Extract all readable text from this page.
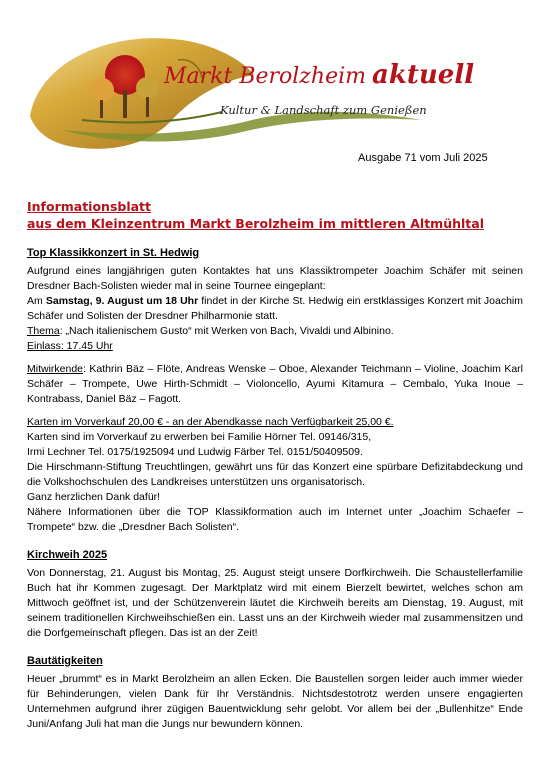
Markt Berolzheim aktuell
Kultur & Landschaft zum Genießen
Ausgabe 71 vom Juli 2025
Informationsblatt
aus dem Kleinzentrum Markt Berolzheim im mittleren Altmühltal
Top Klassikkonzert in St. Hedwig

Aufgrund eines langjährigen guten Kontaktes hat uns Klassiktrompeter Joachim Schäfer mit seinen Dresdner Bach-Solisten wieder mal in seine Tournee eingeplant:

Am Samstag, 9. August um 18 Uhr findet in der Kirche St. Hedwig ein erstklassiges Konzert mit Joachim Schäfer und Solisten der Dresdner Philharmonie statt.

Thema: „Nach italienischem Gusto“ mit Werken von Bach, Vivaldi und Albinino.

Einlass: 17.45 Uhr

Mitwirkende: Kathrin Bäz – Flöte, Andreas Wenske – Oboe, Alexander Teichmann – Violine, Joachim Karl Schäfer – Trompete, Uwe Hirth-Schmidt – Violoncello, Ayumi Kitamura – Cembalo, Yuka Inoue – Kontrabass, Daniel Bäz – Fagott.

Karten im Vorverkauf 20,00 € - an der Abendkasse nach Verfügbarkeit 25,00 €.

Karten sind im Vorverkauf zu erwerben bei Familie Hörner Tel. 09146/315,

Irmi Lechner Tel. 0175/1925094 und Ludwig Färber Tel. 0151/50409509.

Die Hirschmann-Stiftung Treuchtlingen, gewährt uns für das Konzert eine spürbare Defizitabdeckung und die Volkshochschulen des Landkreises unterstützen uns organisatorisch.

Ganz herzlichen Dank dafür!

Nähere Informationen über die TOP Klassikformation auch im Internet unter „Joachim Schaefer – Trompete“ bzw. die „Dresdner Bach Solisten“.

Kirchweih 2025

Von Donnerstag, 21. August bis Montag, 25. August steigt unsere Dorfkirchweih. Die Schaustellerfamilie Buch hat ihr Kommen zugesagt. Der Marktplatz wird mit einem Bierzelt bewirtet, welches schon am Mittwoch geöffnet ist, und der Schützenverein läutet die Kirchweih bereits am Dienstag, 19. August, mit seinem traditionellen Kirchweihschießen ein. Lasst uns an der Kirchweih wieder mal zusammensitzen und die Dorfgemeinschaft pflegen. Das ist an der Zeit!

Bautätigkeiten

Heuer „brummt“ es in Markt Berolzheim an allen Ecken. Die Baustellen sorgen leider auch immer wieder für Behinderungen, vielen Dank für Ihr Verständnis. Nichtsdestotrotz werden unsere engagierten Unternehmen aufgrund ihrer zügigen Bauentwicklung sehr gelobt. Vor allem bei der „Bullenhitze“ Ende Juni/Anfang Juli hat man die Jungs nur bewundern können.
